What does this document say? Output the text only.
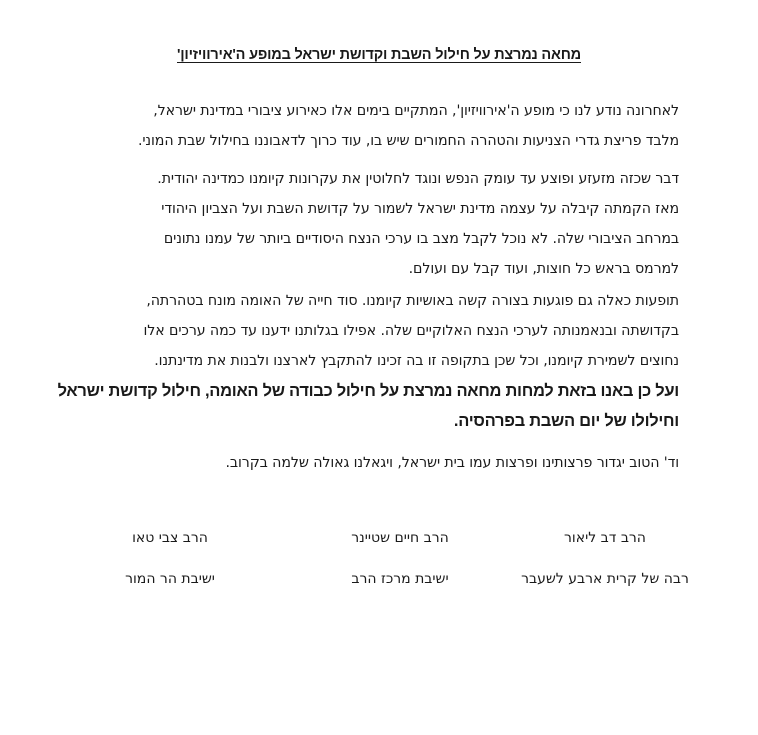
מחאה נמרצת על חילול השבת וקדושת ישראל במופע ה'אירוויזיון'

לאחרונה נודע לנו כי מופע ה'אירוויזיון', המתקיים בימים אלו כאירוע ציבורי במדינת ישראל,
מלבד פריצת גדרי הצניעות והטהרה החמורים שיש בו, עוד כרוך לדאבוננו בחילול שבת המוני.

דבר שכזה מזעזע ופוצע עד עומק הנפש ונוגד לחלוטין את עקרונות קיומנו כמדינה יהודית.
מאז הקמתה קיבלה על עצמה מדינת ישראל לשמור על קדושת השבת ועל הצביון היהודי
במרחב הציבורי שלה. לא נוכל לקבל מצב בו ערכי הנצח היסודיים ביותר של עמנו נתונים
למרמס בראש כל חוצות, ועוד קבל עם ועולם.

תופעות כאלה גם פוגעות בצורה קשה באושיות קיומנו. סוד חייה של האומה מונח בטהרתה,
בקדושתה ובנאמנותה לערכי הנצח האלוקיים שלה. אפילו בגלותנו ידענו עד כמה ערכים אלו
נחוצים לשמירת קיומנו, וכל שכן בתקופה זו בה זכינו להתקבץ לארצנו ולבנות את מדינתנו.

ועל כן באנו בזאת למחות מחאה נמרצת על חילול כבודה של האומה, חילול קדושת ישראל
וחילולו של יום השבת בפרהסיה.

וד' הטוב יגדור פרצותינו ופרצות עמו בית ישראל, ויגאלנו גאולה שלמה בקרוב.

הרב דב ליאור
רבה של קרית ארבע לשעבר
הרב חיים שטיינר
ישיבת מרכז הרב
הרב צבי טאו
ישיבת הר המור
